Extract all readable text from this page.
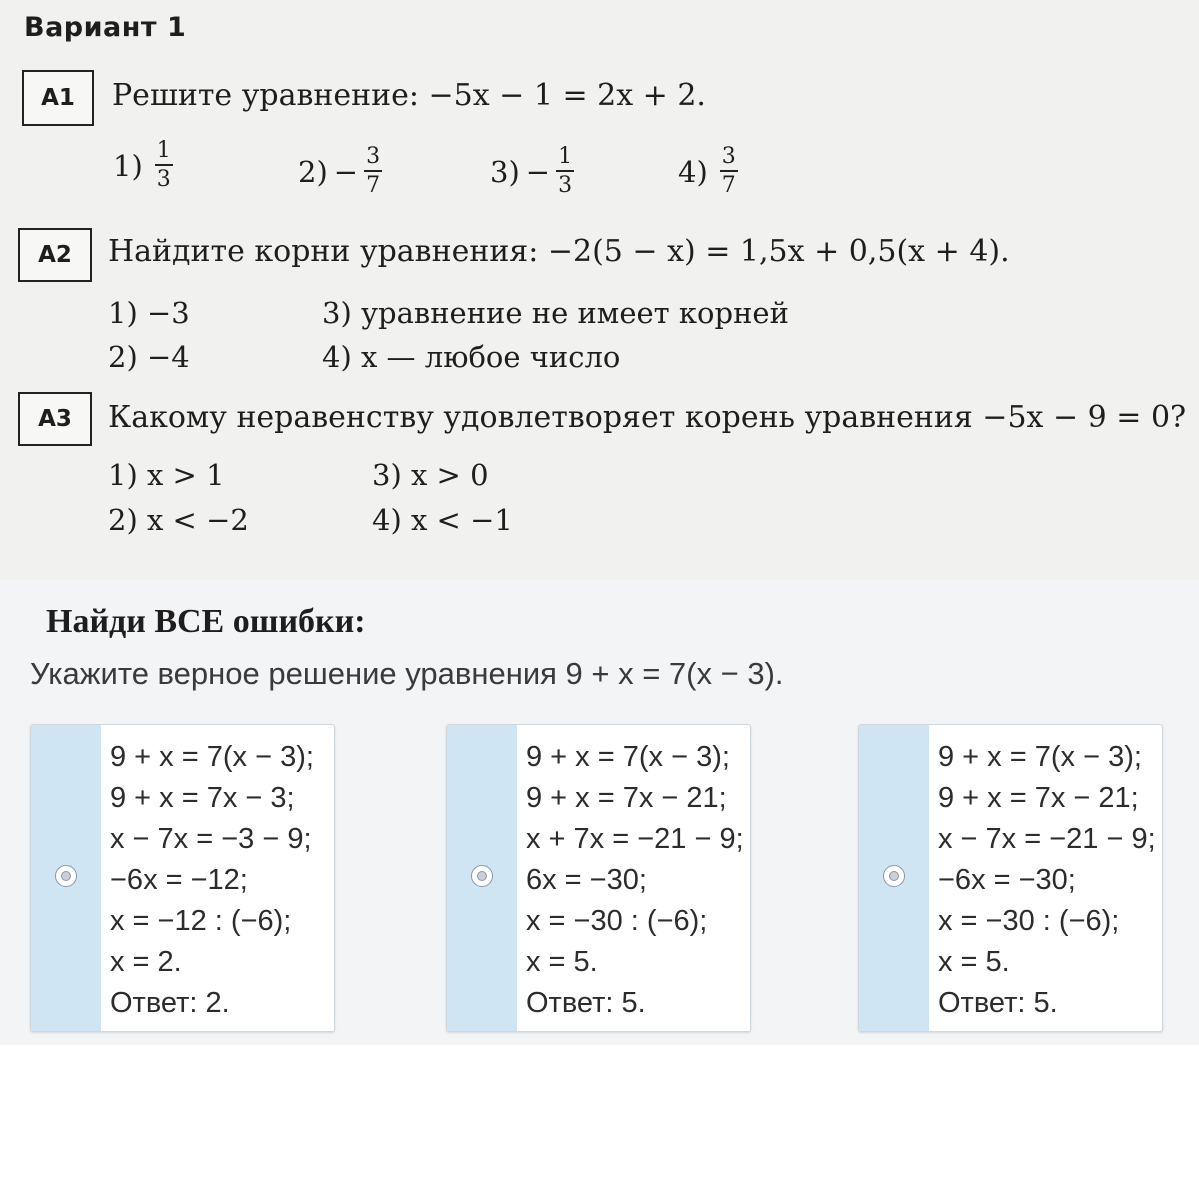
Вариант 1
А1	Решите уравнение: −5x − 1 = 2x + 2.
$1) \frac{1}{3}$	$2) - \frac{3}{7}$	$3) - \frac{1}{3}$	$4) \frac{3}{7}$
А2	Найдите корни уравнения: −2(5 − x) = 1,5x + 0,5(x + 4).
1) −3
2) −4
3) уравнение не имеет корней
4) x — любое число
А3	Какому неравенству удовлетворяет корень уравнения −5x − 9 = 0?
1) x > 1
2) x < −2
3) x > 0
4) x < −1
Найди ВСЕ ошибки:
Укажите верное решение уравнения 9 + x = 7(x − 3).
9 + x = 7(x − 3);
9 + x = 7x − 3;
x − 7x = −3 − 9;
−6x = −12;
x = −12 : (−6);
x = 2.
Ответ: 2.
9 + x = 7(x − 3);
9 + x = 7x − 21;
x + 7x = −21 − 9;
6x = −30;
x = −30 : (−6);
x = 5.
Ответ: 5.
9 + x = 7(x − 3);
9 + x = 7x − 21;
x − 7x = −21 − 9;
−6x = −30;
x = −30 : (−6);
x = 5.
Ответ: 5.
